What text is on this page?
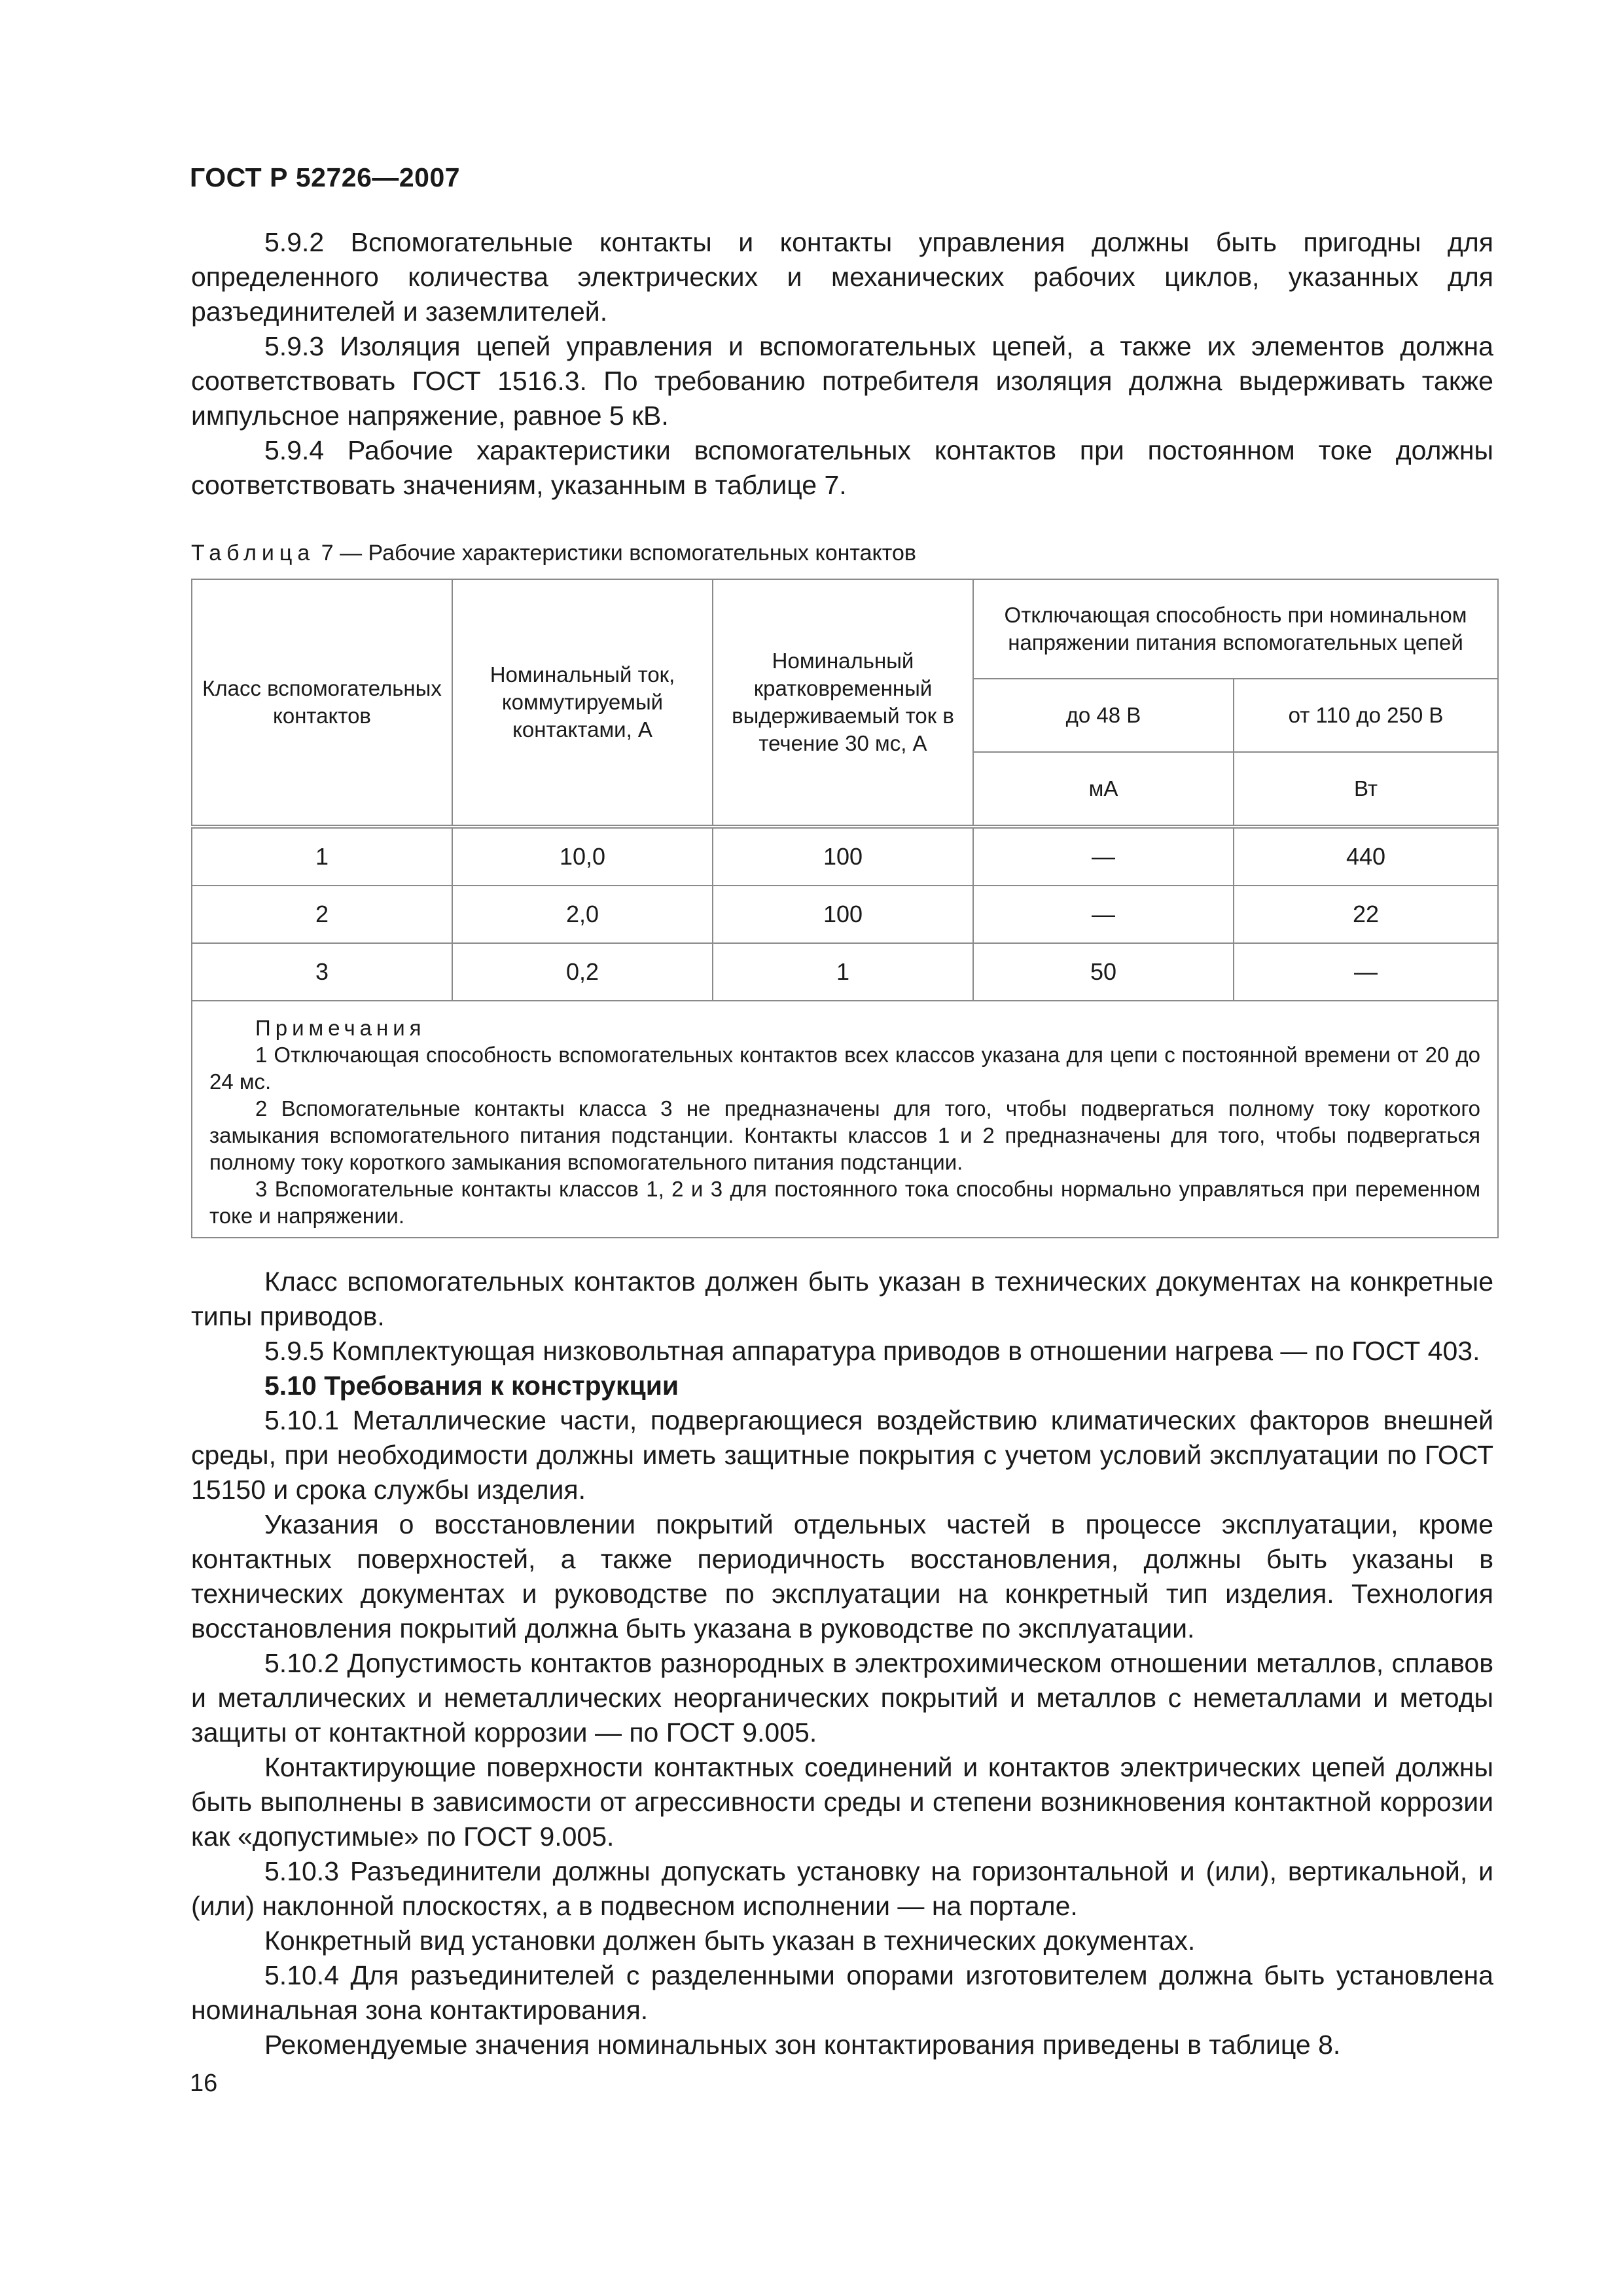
ГОСТ Р 52726—2007

5.9.2 Вспомогательные контакты и контакты управления должны быть пригодны для определенного количества электрических и механических рабочих циклов, указанных для разъединителей и заземлителей.

5.9.3 Изоляция цепей управления и вспомогательных цепей, а также их элементов должна соответствовать ГОСТ 1516.3. По требованию потребителя изоляция должна выдерживать также импульсное напряжение, равное 5 кВ.

5.9.4 Рабочие характеристики вспомогательных контактов при постоянном токе должны соответствовать значениям, указанным в таблице 7.

Таблица 7 — Рабочие характеристики вспомогательных контактов
Класс вспомогательных контактов	Номинальный ток, коммутируемый контактами, А	Номинальный кратковременный выдерживаемый ток в течение 30 мс, А	Отключающая способность при номинальном напряжении питания вспомогательных цепей	
			до 48 В	от 110 до 250 В
			мА	Вт
1	10,0	100	—	440
2	2,0	100	—	22
3	0,2	1	50	—

Примечания

1 Отключающая способность вспомогательных контактов всех классов указана для цепи с постоянной времени от 20 до 24 мс.

2 Вспомогательные контакты класса 3 не предназначены для того, чтобы подвергаться полному току короткого замыкания вспомогательного питания подстанции. Контакты классов 1 и 2 предназначены для того, чтобы подвергаться полному току короткого замыкания вспомогательного питания подстанции.

3 Вспомогательные контакты классов 1, 2 и 3 для постоянного тока способны нормально управляться при переменном токе и напряжении.				

Класс вспомогательных контактов должен быть указан в технических документах на конкретные типы приводов.

5.9.5 Комплектующая низковольтная аппаратура приводов в отношении нагрева — по ГОСТ 403.

5.10 Требования к конструкции

5.10.1 Металлические части, подвергающиеся воздействию климатических факторов внешней среды, при необходимости должны иметь защитные покрытия с учетом условий эксплуатации по ГОСТ 15150 и срока службы изделия.

Указания о восстановлении покрытий отдельных частей в процессе эксплуатации, кроме контактных поверхностей, а также периодичность восстановления, должны быть указаны в технических документах и руководстве по эксплуатации на конкретный тип изделия. Технология восстановления покрытий должна быть указана в руководстве по эксплуатации.

5.10.2 Допустимость контактов разнородных в электрохимическом отношении металлов, сплавов и металлических и неметаллических неорганических покрытий и металлов с неметаллами и методы защиты от контактной коррозии — по ГОСТ 9.005.

Контактирующие поверхности контактных соединений и контактов электрических цепей должны быть выполнены в зависимости от агрессивности среды и степени возникновения контактной коррозии как «допустимые» по ГОСТ 9.005.

5.10.3 Разъединители должны допускать установку на горизонтальной и (или), вертикальной, и (или) наклонной плоскостях, а в подвесном исполнении — на портале.

Конкретный вид установки должен быть указан в технических документах.

5.10.4 Для разъединителей с разделенными опорами изготовителем должна быть установлена номинальная зона контактирования.

Рекомендуемые значения номинальных зон контактирования приведены в таблице 8.

16
